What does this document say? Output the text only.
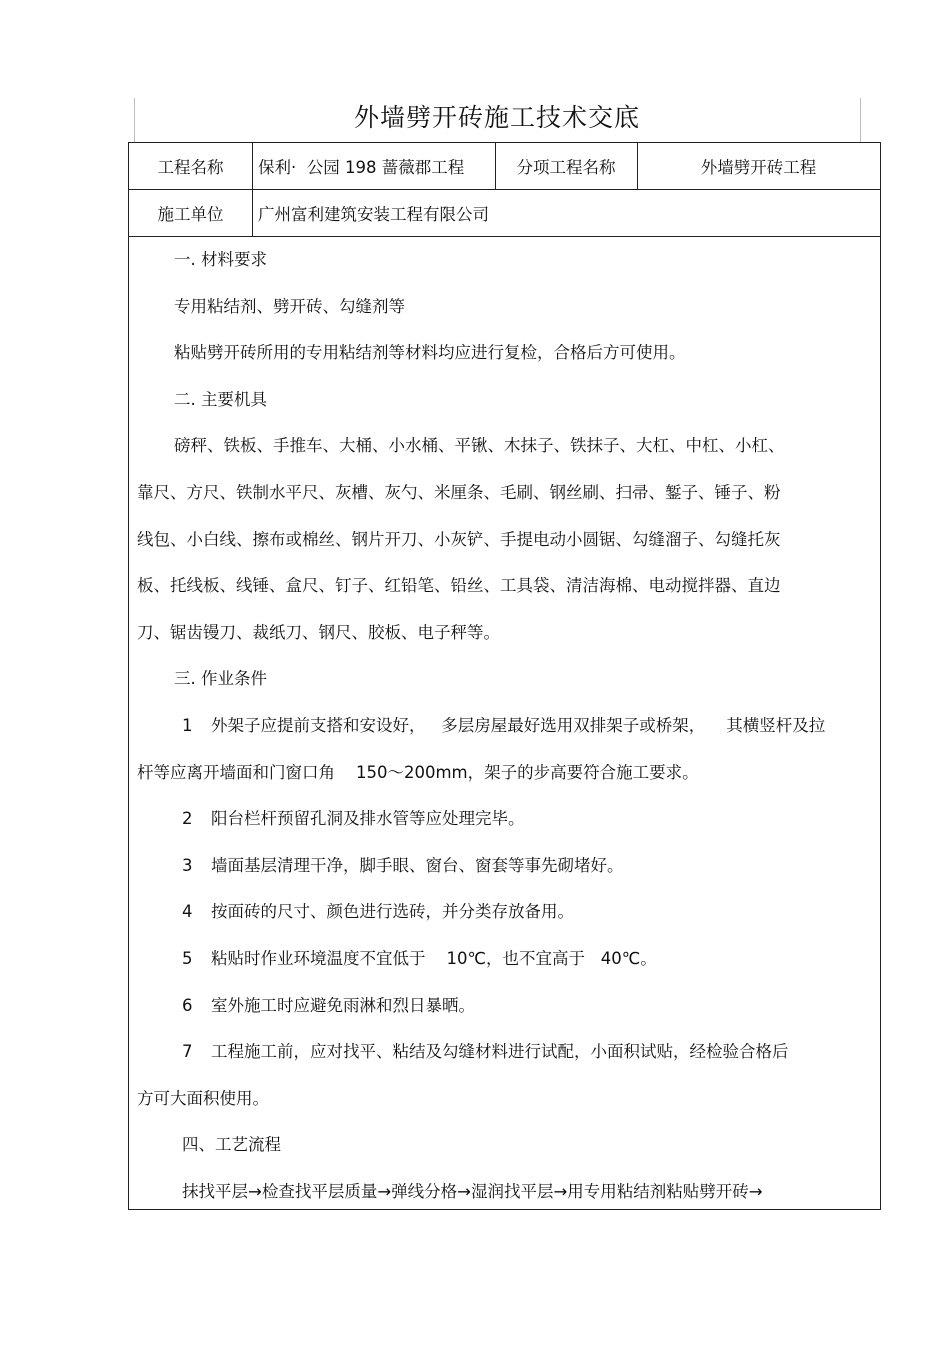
外墙劈开砖施工技术交底
工程名称	保利·  公园 198 蔷薇郡工程	分项工程名称	外墙劈开砖工程
施工单位	广州富利建筑安装工程有限公司
一. 材料要求
专用粘结剂、劈开砖、勾缝剂等
粘贴劈开砖所用的专用粘结剂等材料均应进行复检，合格后方可使用。
二. 主要机具
磅秤、铁板、手推车、大桶、小水桶、平锹、木抹子、铁抹子、大杠、中杠、小杠、
靠尺、方尺、铁制水平尺、灰槽、灰勺、米厘条、毛刷、钢丝刷、扫帚、錾子、锤子、粉
线包、小白线、擦布或棉丝、钢片开刀、小灰铲、手提电动小圆锯、勾缝溜子、勾缝托灰
板、托线板、线锤、盒尺、钉子、红铅笔、铅丝、工具袋、清洁海棉、电动搅拌器、直边
刀、锯齿镘刀、裁纸刀、钢尺、胶板、电子秤等。
三. 作业条件
1 外架子应提前支搭和安设好，   多层房屋最好选用双排架子或桥架，    其横竖杆及拉
杆等应离开墙面和门窗口角    150～200mm，架子的步高要符合施工要求。
2 阳台栏杆预留孔洞及排水管等应处理完毕。
3 墙面基层清理干净，脚手眼、窗台、窗套等事先砌堵好。
4 按面砖的尺寸、颜色进行选砖，并分类存放备用。
5 粘贴时作业环境温度不宜低于    10℃，也不宜高于   40℃。
6 室外施工时应避免雨淋和烈日暴晒。
7 工程施工前，应对找平、粘结及勾缝材料进行试配，小面积试贴，经检验合格后
方可大面积使用。
四、工艺流程
抹找平层→检查找平层质量→弹线分格→湿润找平层→用专用粘结剂粘贴劈开砖→
